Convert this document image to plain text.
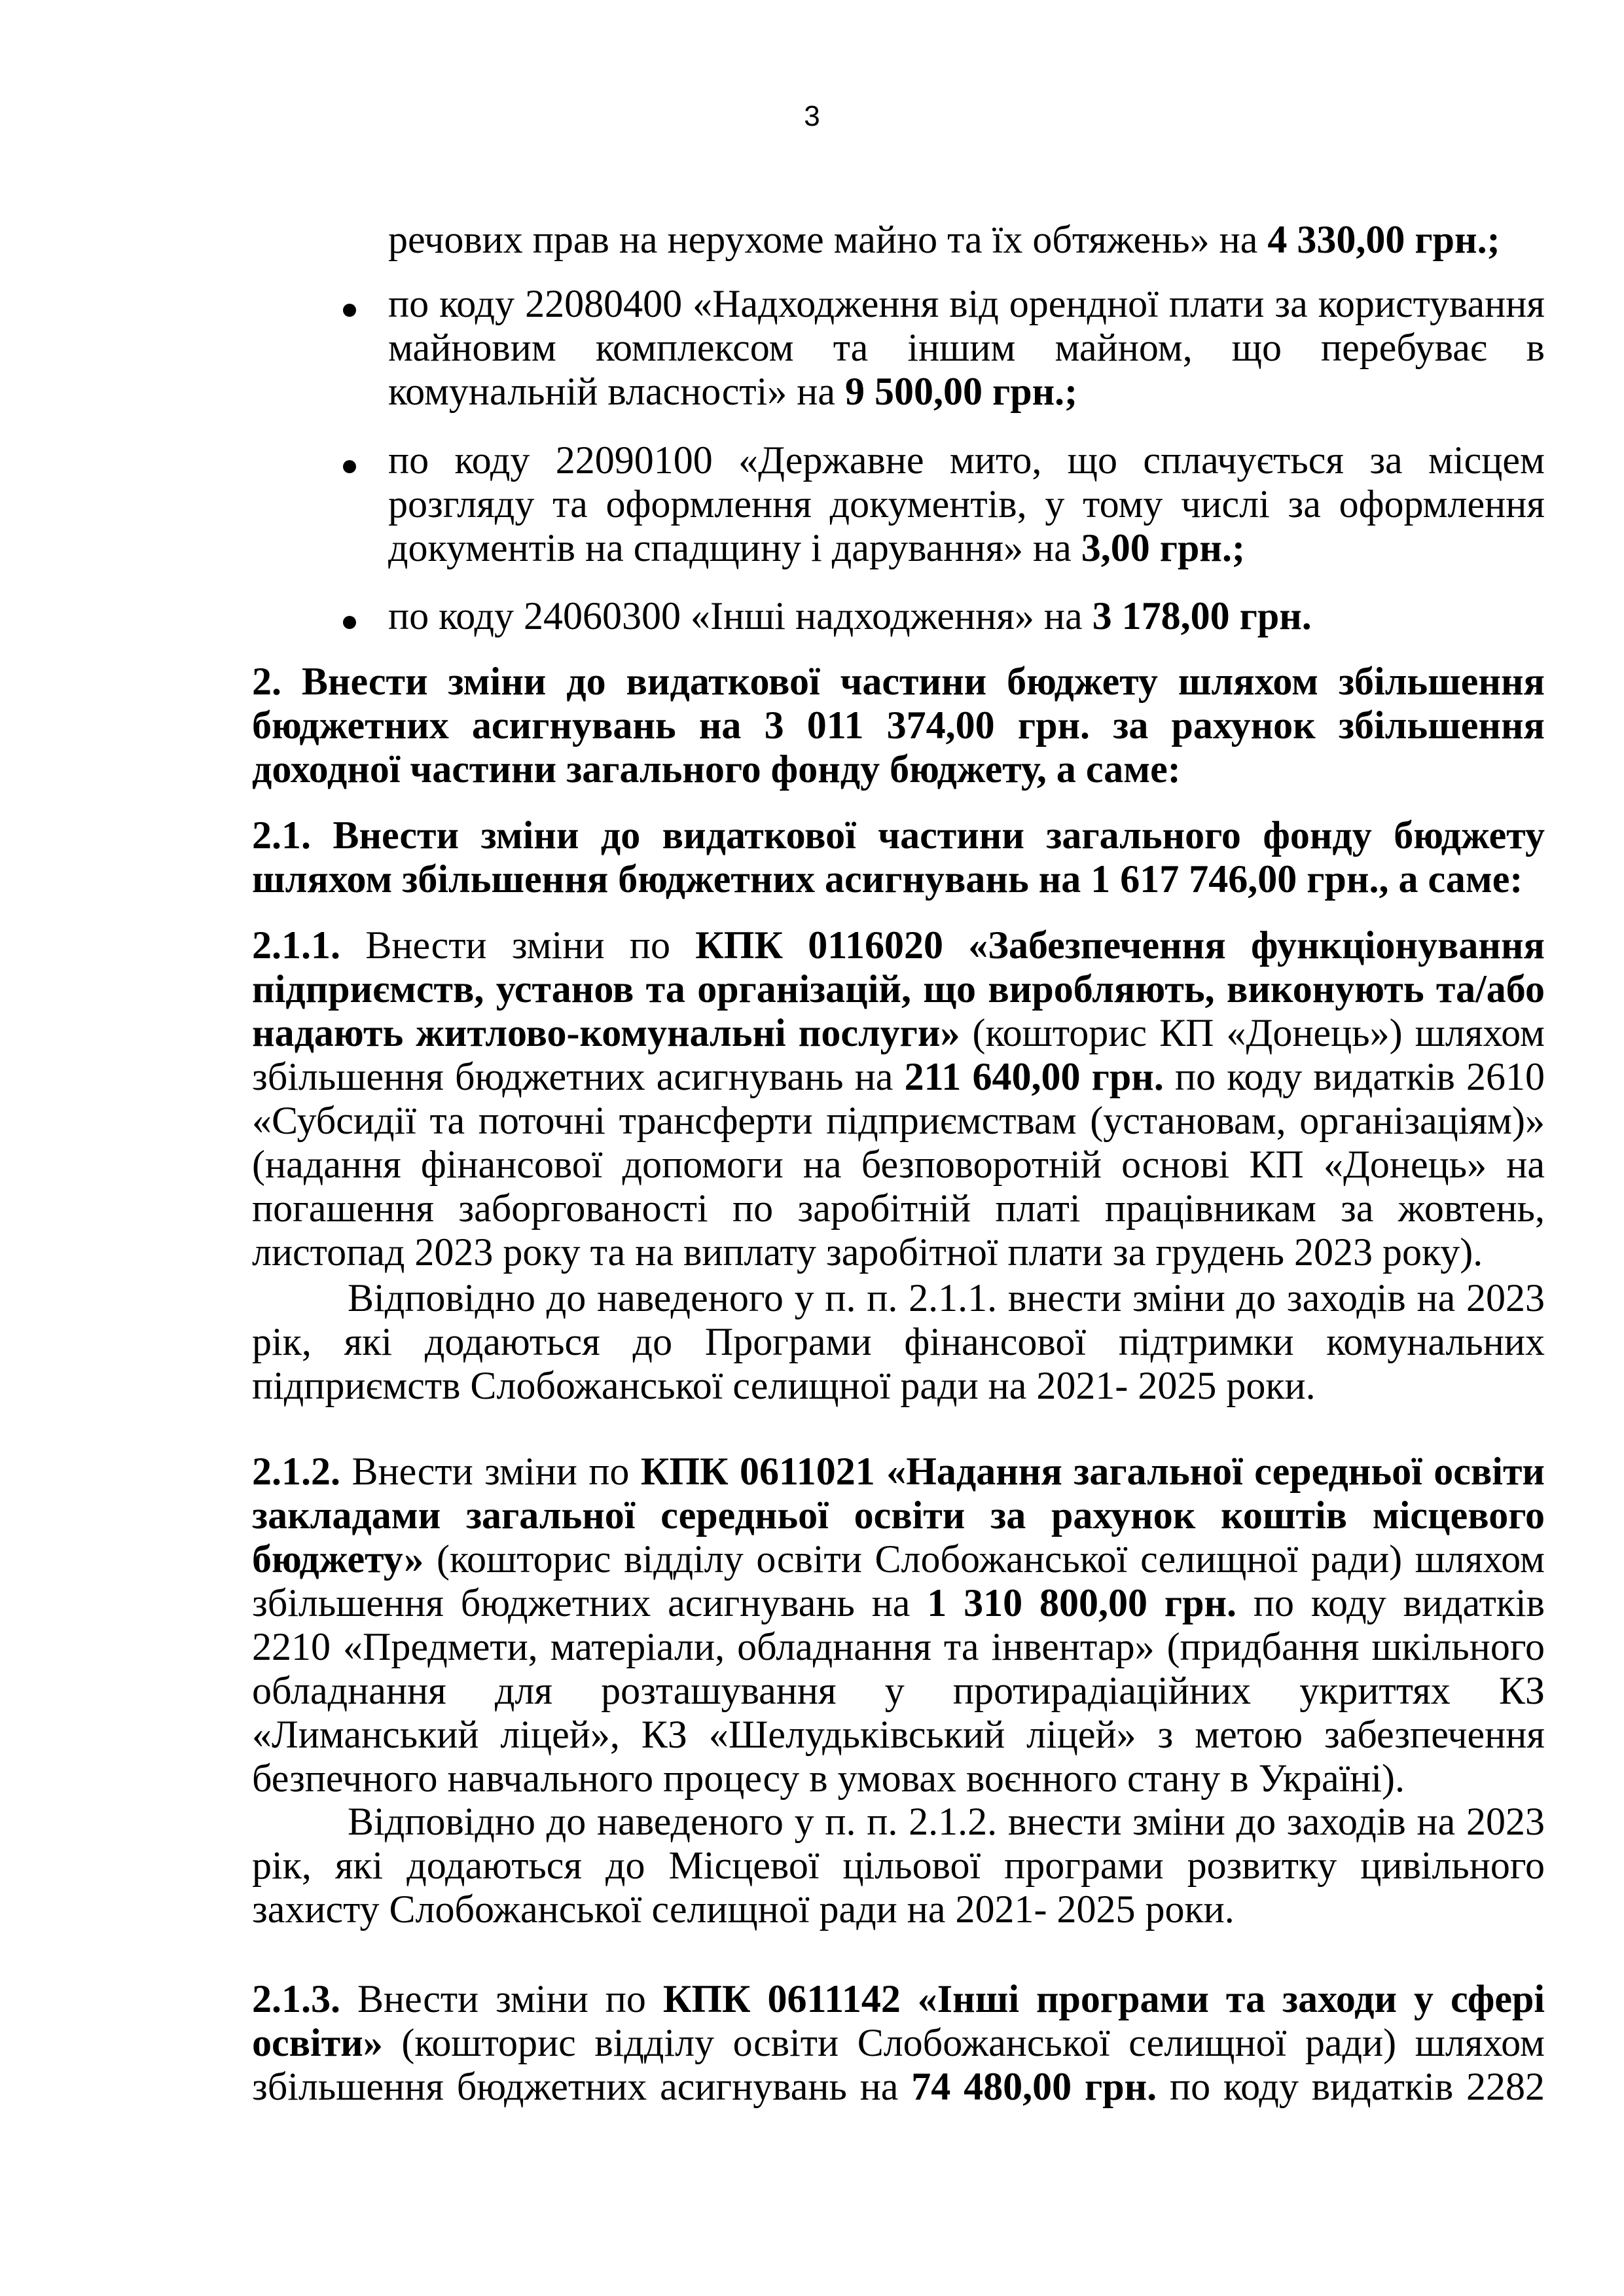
3

речових прав на нерухоме майно та їх обтяжень» на 4 330,00 грн.;

по коду 22080400 «Надходження від орендної плати за користування майновим комплексом та іншим майном, що перебуває в комунальній власності» на 9 500,00 грн.;

по коду 22090100 «Державне мито, що сплачується за місцем розгляду та оформлення документів, у тому числі за оформлення документів на спадщину і дарування» на 3,00 грн.;

по коду 24060300 «Інші надходження» на 3 178,00 грн.

2. Внести зміни до видаткової частини бюджету шляхом збільшення бюджетних асигнувань на 3 011 374,00 грн. за рахунок збільшення доходної частини загального фонду бюджету, а саме:

2.1. Внести зміни до видаткової частини загального фонду бюджету шляхом збільшення бюджетних асигнувань на 1 617 746,00 грн., а саме:

2.1.1. Внести зміни по КПК 0116020 «Забезпечення функціонування підприємств, установ та організацій, що виробляють, виконують та/або надають житлово-комунальні послуги» (кошторис КП «Донець») шляхом збільшення бюджетних асигнувань на 211 640,00 грн. по коду видатків 2610 «Субсидії та поточні трансферти підприємствам (установам, організаціям)» (надання фінансової допомоги на безповоротній основі КП «Донець» на погашення заборгованості по заробітній платі працівникам за жовтень, листопад 2023 року та на виплату заробітної плати за грудень 2023 року).

Відповідно до наведеного у п. п. 2.1.1. внести зміни до заходів на 2023 рік, які додаються до Програми фінансової підтримки комунальних підприємств Слобожанської селищної ради на 2021- 2025 роки.

2.1.2. Внести зміни по КПК 0611021 «Надання загальної середньої освіти закладами загальної середньої освіти за рахунок коштів місцевого бюджету» (кошторис відділу освіти Слобожанської селищної ради) шляхом збільшення бюджетних асигнувань на 1 310 800,00 грн. по коду видатків 2210 «Предмети, матеріали, обладнання та інвентар» (придбання шкільного обладнання для розташування у протирадіаційних укриттях КЗ «Лиманський ліцей», КЗ «Шелудьківський ліцей» з метою забезпечення безпечного навчального процесу в умовах воєнного стану в Україні).

Відповідно до наведеного у п. п. 2.1.2. внести зміни до заходів на 2023 рік, які додаються до Місцевої цільової програми розвитку цивільного захисту Слобожанської селищної ради на 2021- 2025 роки.

2.1.3. Внести зміни по КПК 0611142 «Інші програми та заходи у сфері освіти» (кошторис відділу освіти Слобожанської селищної ради) шляхом збільшення бюджетних асигнувань на 74 480,00 грн. по коду видатків 2282
